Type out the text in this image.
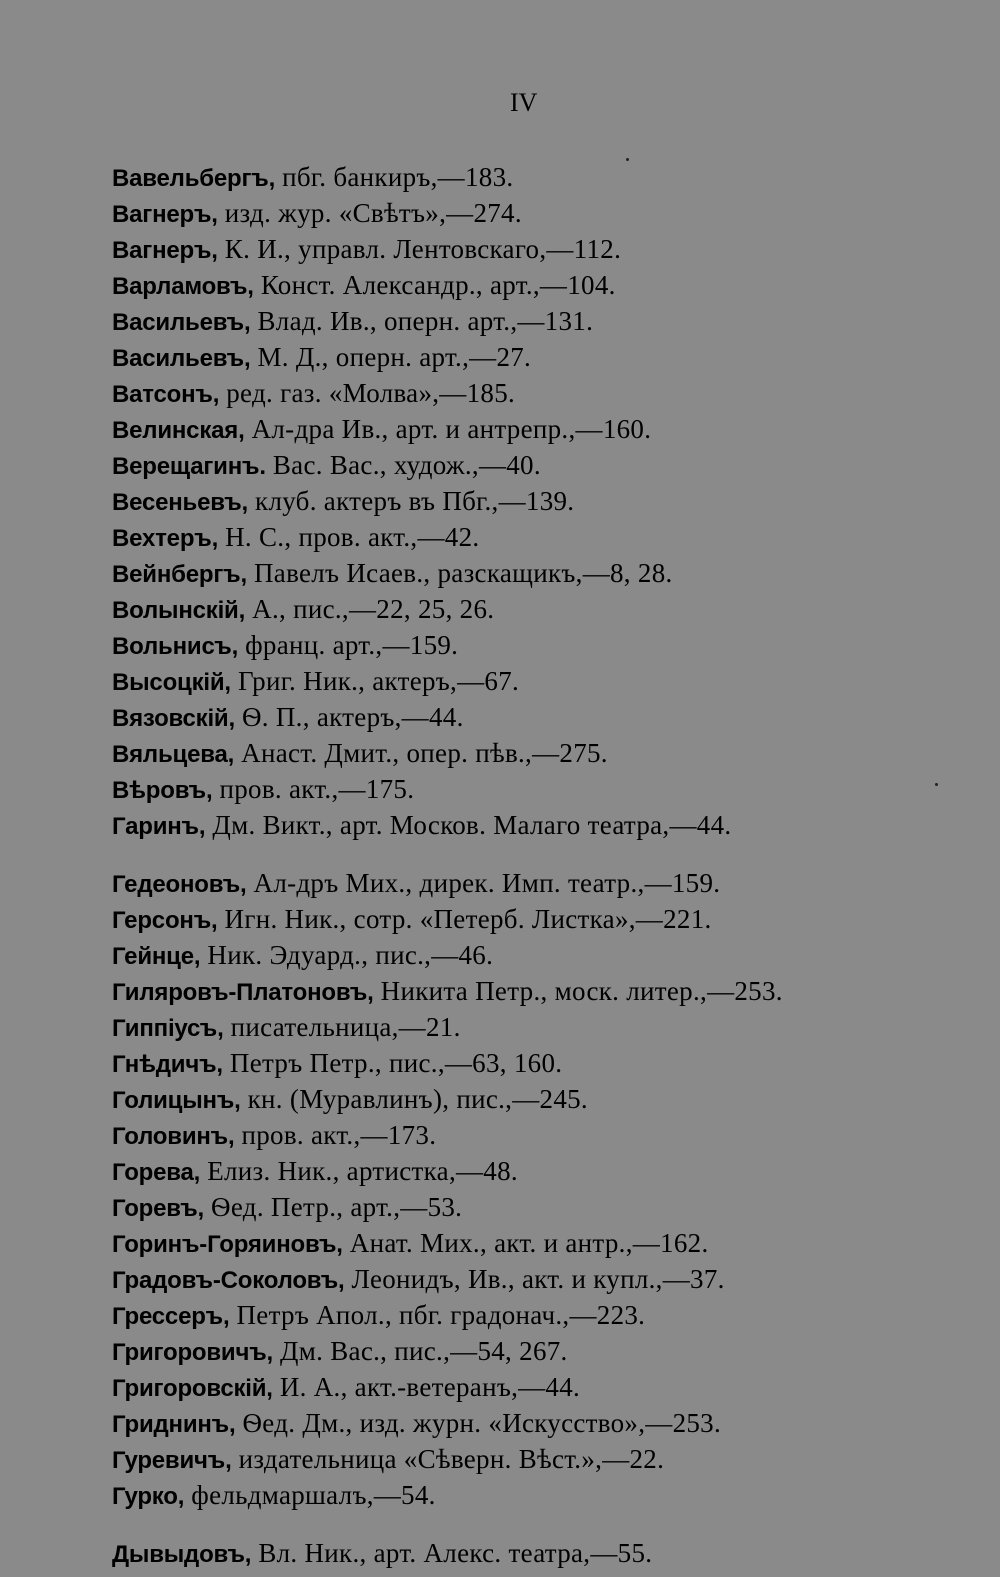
IV
Вавельбергъ, пбг. банкиръ,—183.
Вагнеръ, изд. жур. «Свѣтъ»,—274.
Вагнеръ, К. И., управл. Лентовскаго,—112.
Варламовъ, Конст. Александр., арт.,—104.
Васильевъ, Влад. Ив., оперн. арт.,—131.
Васильевъ, М. Д., оперн. арт.,—27.
Ватсонъ, ред. газ. «Молва»,—185.
Велинская, Ал-дра Ив., арт. и антрепр.,—160.
Верещагинъ. Вас. Вас., худож.,—40.
Весеньевъ, клуб. актеръ въ Пбг.,—139.
Вехтеръ, Н. С., пров. акт.,—42.
Вейнбергъ, Павелъ Исаев., разскащикъ,—8, 28.
Волынскій, А., пис.,—22, 25, 26.
Вольнисъ, франц. арт.,—159.
Высоцкій, Григ. Ник., актеръ,—67.
Вязовскій, Ѳ. П., актеръ,—44.
Вяльцева, Анаст. Дмит., опер. пѣв.,—275.
Вѣровъ, пров. акт.,—175.
Гаринъ, Дм. Викт., арт. Москов. Малаго театра,—44.
Гедеоновъ, Ал-дръ Мих., дирек. Имп. театр.,—159.
Герсонъ, Игн. Ник., сотр. «Петерб. Листка»,—221.
Гейнце, Ник. Эдуард., пис.,—46.
Гиляровъ-Платоновъ, Никита Петр., моск. литер.,—253.
Гиппіусъ, писательница,—21.
Гнѣдичъ, Петръ Петр., пис.,—63, 160.
Голицынъ, кн. (Муравлинъ), пис.,—245.
Головинъ, пров. акт.,—173.
Горева, Елиз. Ник., артистка,—48.
Горевъ, Ѳед. Петр., арт.,—53.
Горинъ-Горяиновъ, Анат. Мих., акт. и антр.,—162.
Градовъ-Соколовъ, Леонидъ, Ив., акт. и купл.,—37.
Грессеръ, Петръ Апол., пбг. градонач.,—223.
Григоровичъ, Дм. Вас., пис.,—54, 267.
Григоровскій, И. А., акт.-ветеранъ,—44.
Гриднинъ, Ѳед. Дм., изд. журн. «Искусство»,—253.
Гуревичъ, издательница «Сѣверн. Вѣст.»,—22.
Гурко, фельдмаршалъ,—54.
Дывыдовъ, Вл. Ник., арт. Алекс. театра,—55.
